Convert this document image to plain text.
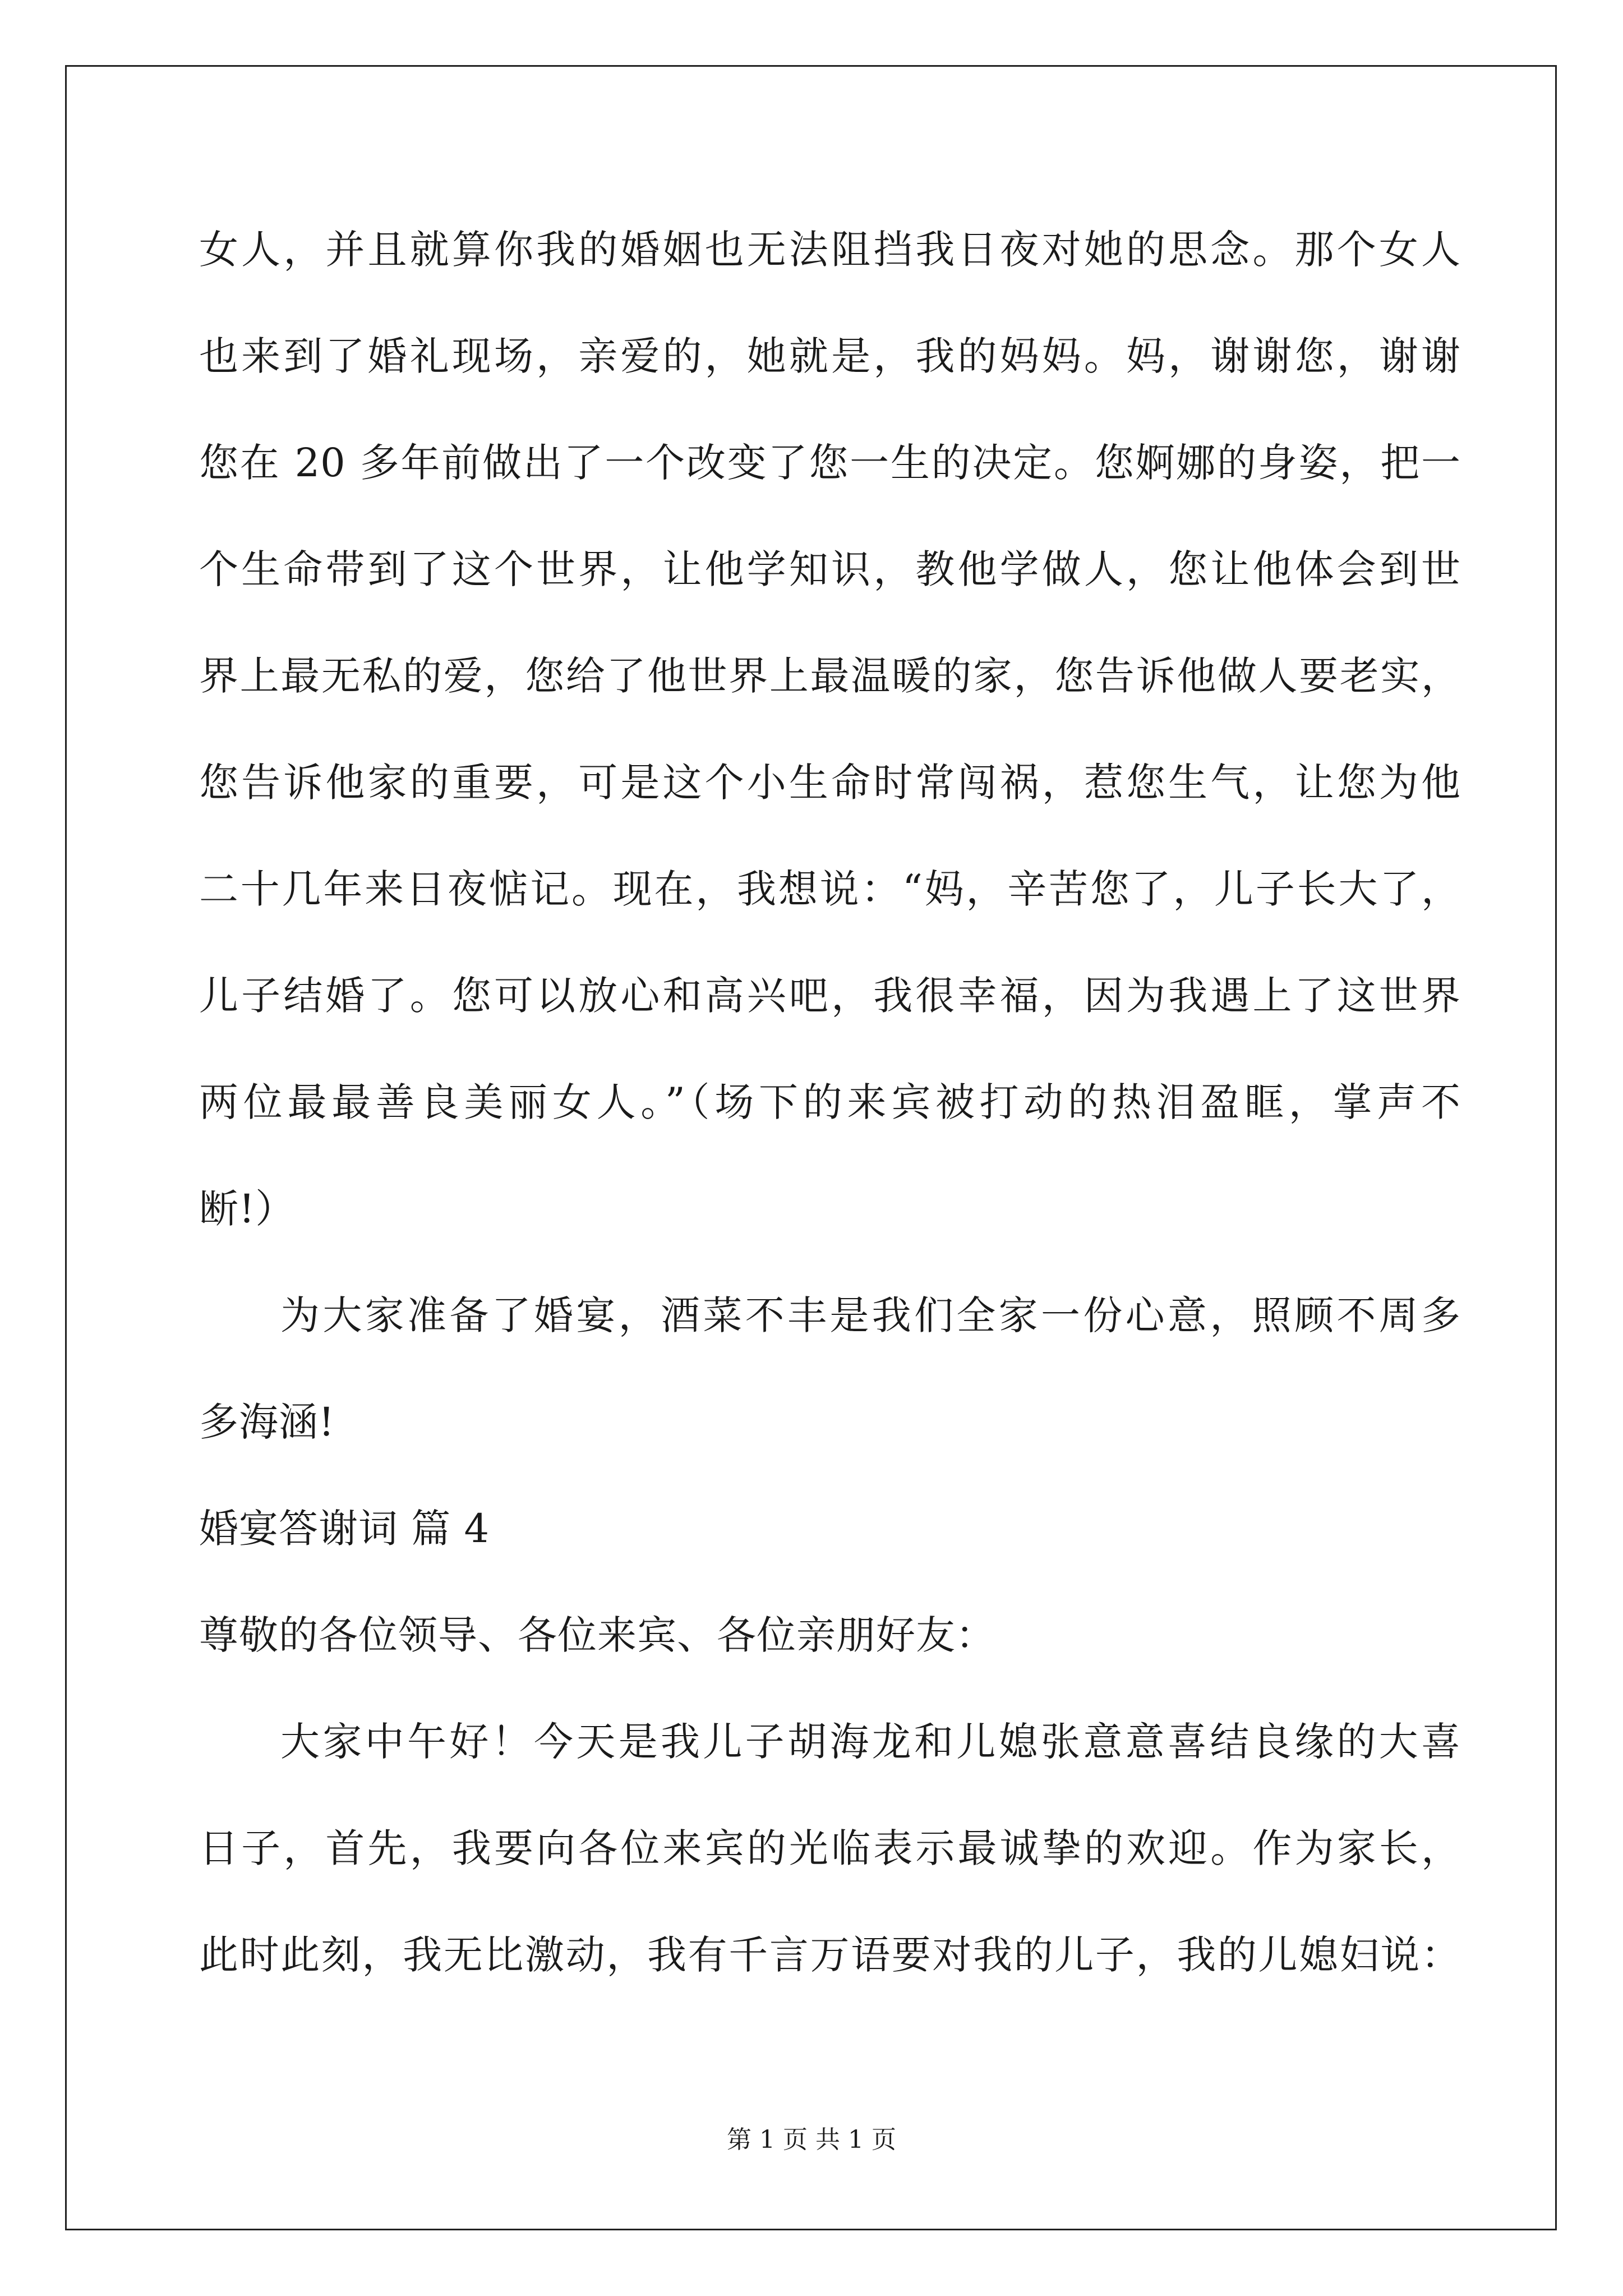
女人，并且就算你我的婚姻也无法阻挡我日夜对她的思念。那个女人
也来到了婚礼现场，亲爱的，她就是，我的妈妈。妈，谢谢您，谢谢
您在 20 多年前做出了一个改变了您一生的决定。您婀娜的身姿，把一
个生命带到了这个世界，让他学知识，教他学做人，您让他体会到世
界上最无私的爱，您给了他世界上最温暖的家，您告诉他做人要老实，
您告诉他家的重要，可是这个小生命时常闯祸，惹您生气，让您为他
二十几年来日夜惦记。现在，我想说：“妈，辛苦您了，儿子长大了，
儿子结婚了。您可以放心和高兴吧，我很幸福，因为我遇上了这世界
两位最最善良美丽女人。”（场下的来宾被打动的热泪盈眶，掌声不
断!）
为大家准备了婚宴，酒菜不丰是我们全家一份心意，照顾不周多
多海涵!
婚宴答谢词 篇 4
尊敬的各位领导、各位来宾、各位亲朋好友：
大家中午好！今天是我儿子胡海龙和儿媳张意意喜结良缘的大喜
日子，首先，我要向各位来宾的光临表示最诚挚的欢迎。作为家长，
此时此刻，我无比激动，我有千言万语要对我的儿子，我的儿媳妇说：
第 1 页 共 1 页
